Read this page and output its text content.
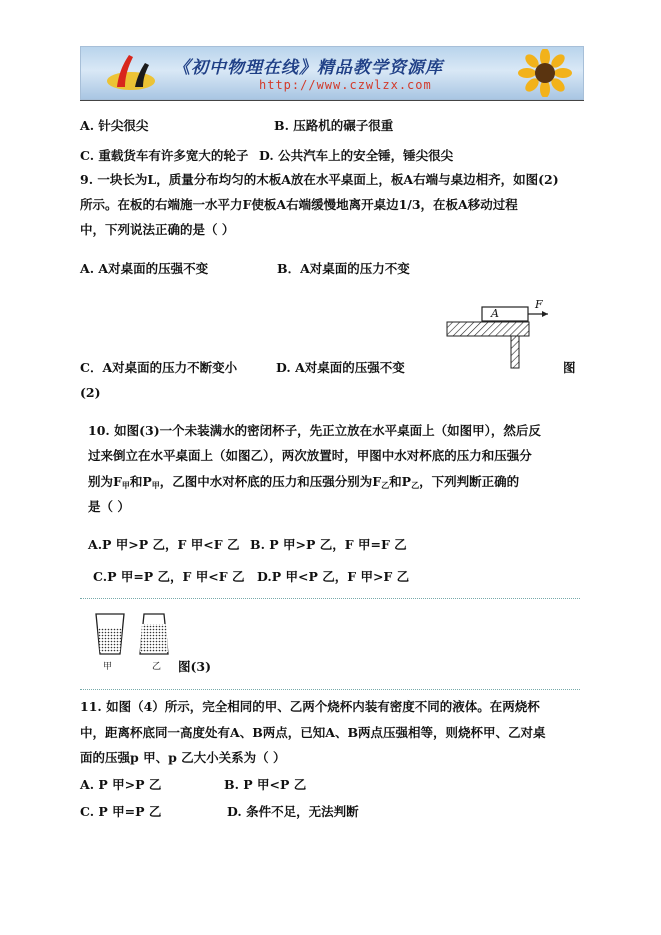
《初中物理在线》精品教学资源库
http://www.czwlzx.com
A. 针尖很尖	B. 压路机的碾子很重
C. 重载货车有许多宽大的轮子 D. 公共汽车上的安全锤，锤尖很尖
9. 一块长为L，质量分布均匀的木板A放在水平桌面上，板A右端与桌边相齐，如图(2)
所示。在板的右端施一水平力F使板A右端缓慢地离开桌边1/3，在板A移动过程
中，下列说法正确的是（ ）
A. A对桌面的压强不变	B．A对桌面的压力不变
A
F
C．A对桌面的压力不断变小	D. A对桌面的压强不变	图
(2)
10. 如图(3)一个未装满水的密闭杯子，先正立放在水平桌面上（如图甲），然后反
过来倒立在水平桌面上（如图乙），两次放置时，甲图中水对杯底的压力和压强分
别为$F_甲$和$P_甲$，乙图中水对杯底的压力和压强分别为$F_乙$和$P_乙$，下列判断正确的
是（ ）
A.P 甲>P 乙，F 甲<F 乙 B. P 甲>P 乙，F 甲=F 乙
C.P 甲=P 乙，F 甲<F 乙 D.P 甲<P 乙，F 甲>F 乙
甲	乙 图(3)
11. 如图（4）所示，完全相同的甲、乙两个烧杯内装有密度不同的液体。在两烧杯
中，距离杯底同一高度处有A、B两点，已知A、B两点压强相等，则烧杯甲、乙对桌
面的压强p 甲、p 乙大小关系为（ ）
A. P 甲>P 乙	B. P 甲<P 乙
C. P 甲=P 乙	D. 条件不足，无法判断
